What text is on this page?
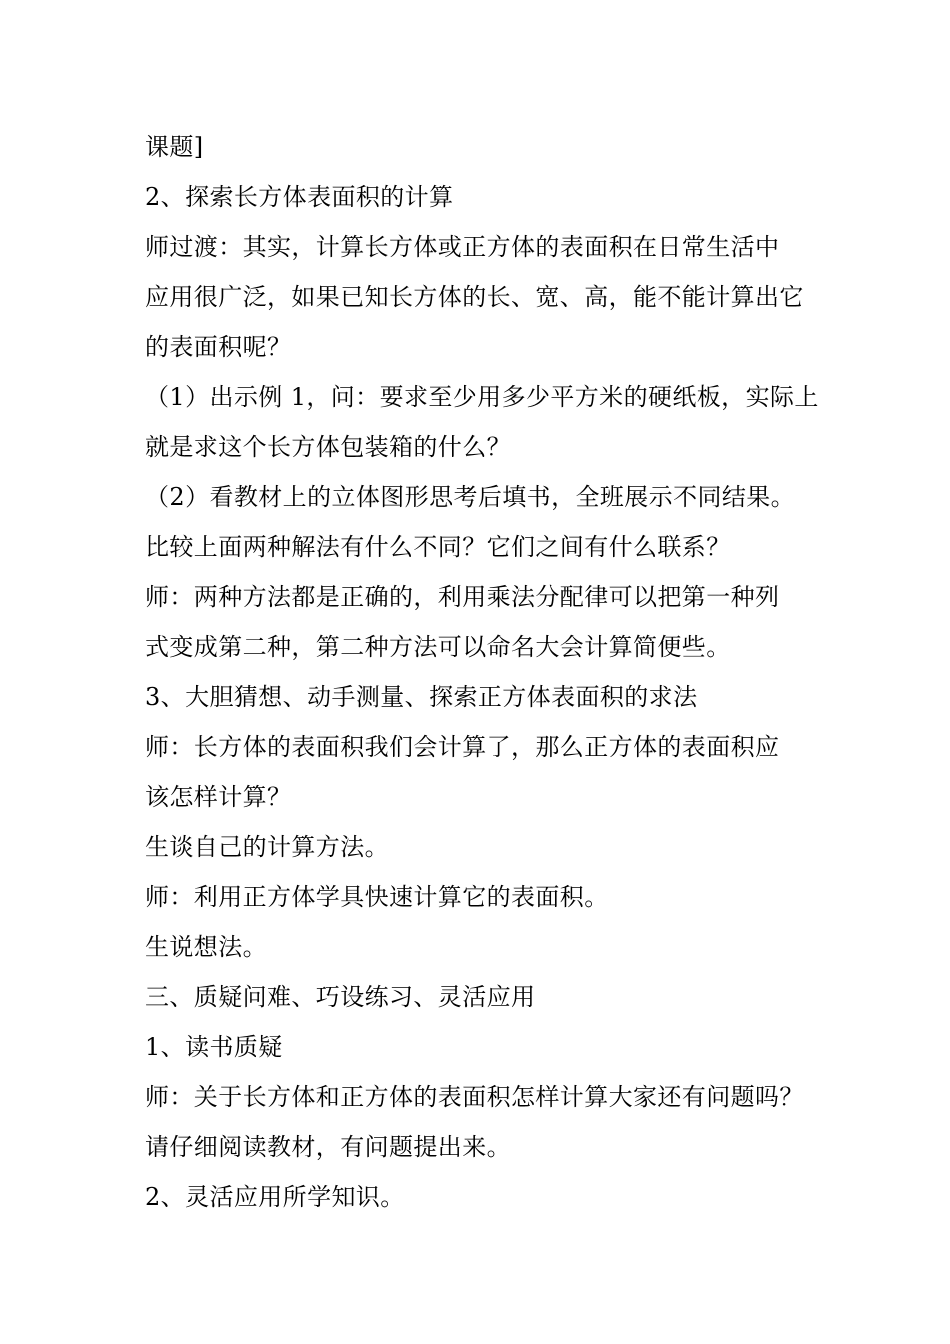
课题]
2、探索长方体表面积的计算
师过渡：其实，计算长方体或正方体的表面积在日常生活中
应用很广泛，如果已知长方体的长、宽、高，能不能计算出它
的表面积呢？
（1）出示例 1，问：要求至少用多少平方米的硬纸板，实际上
就是求这个长方体包装箱的什么？
（2）看教材上的立体图形思考后填书，全班展示不同结果。
比较上面两种解法有什么不同？它们之间有什么联系？
师：两种方法都是正确的，利用乘法分配律可以把第一种列
式变成第二种，第二种方法可以命名大会计算简便些。
3、大胆猜想、动手测量、探索正方体表面积的求法
师：长方体的表面积我们会计算了，那么正方体的表面积应
该怎样计算？
生谈自己的计算方法。
师：利用正方体学具快速计算它的表面积。
生说想法。
三、质疑问难、巧设练习、灵活应用
1、读书质疑
师：关于长方体和正方体的表面积怎样计算大家还有问题吗？
请仔细阅读教材，有问题提出来。
2、灵活应用所学知识。
